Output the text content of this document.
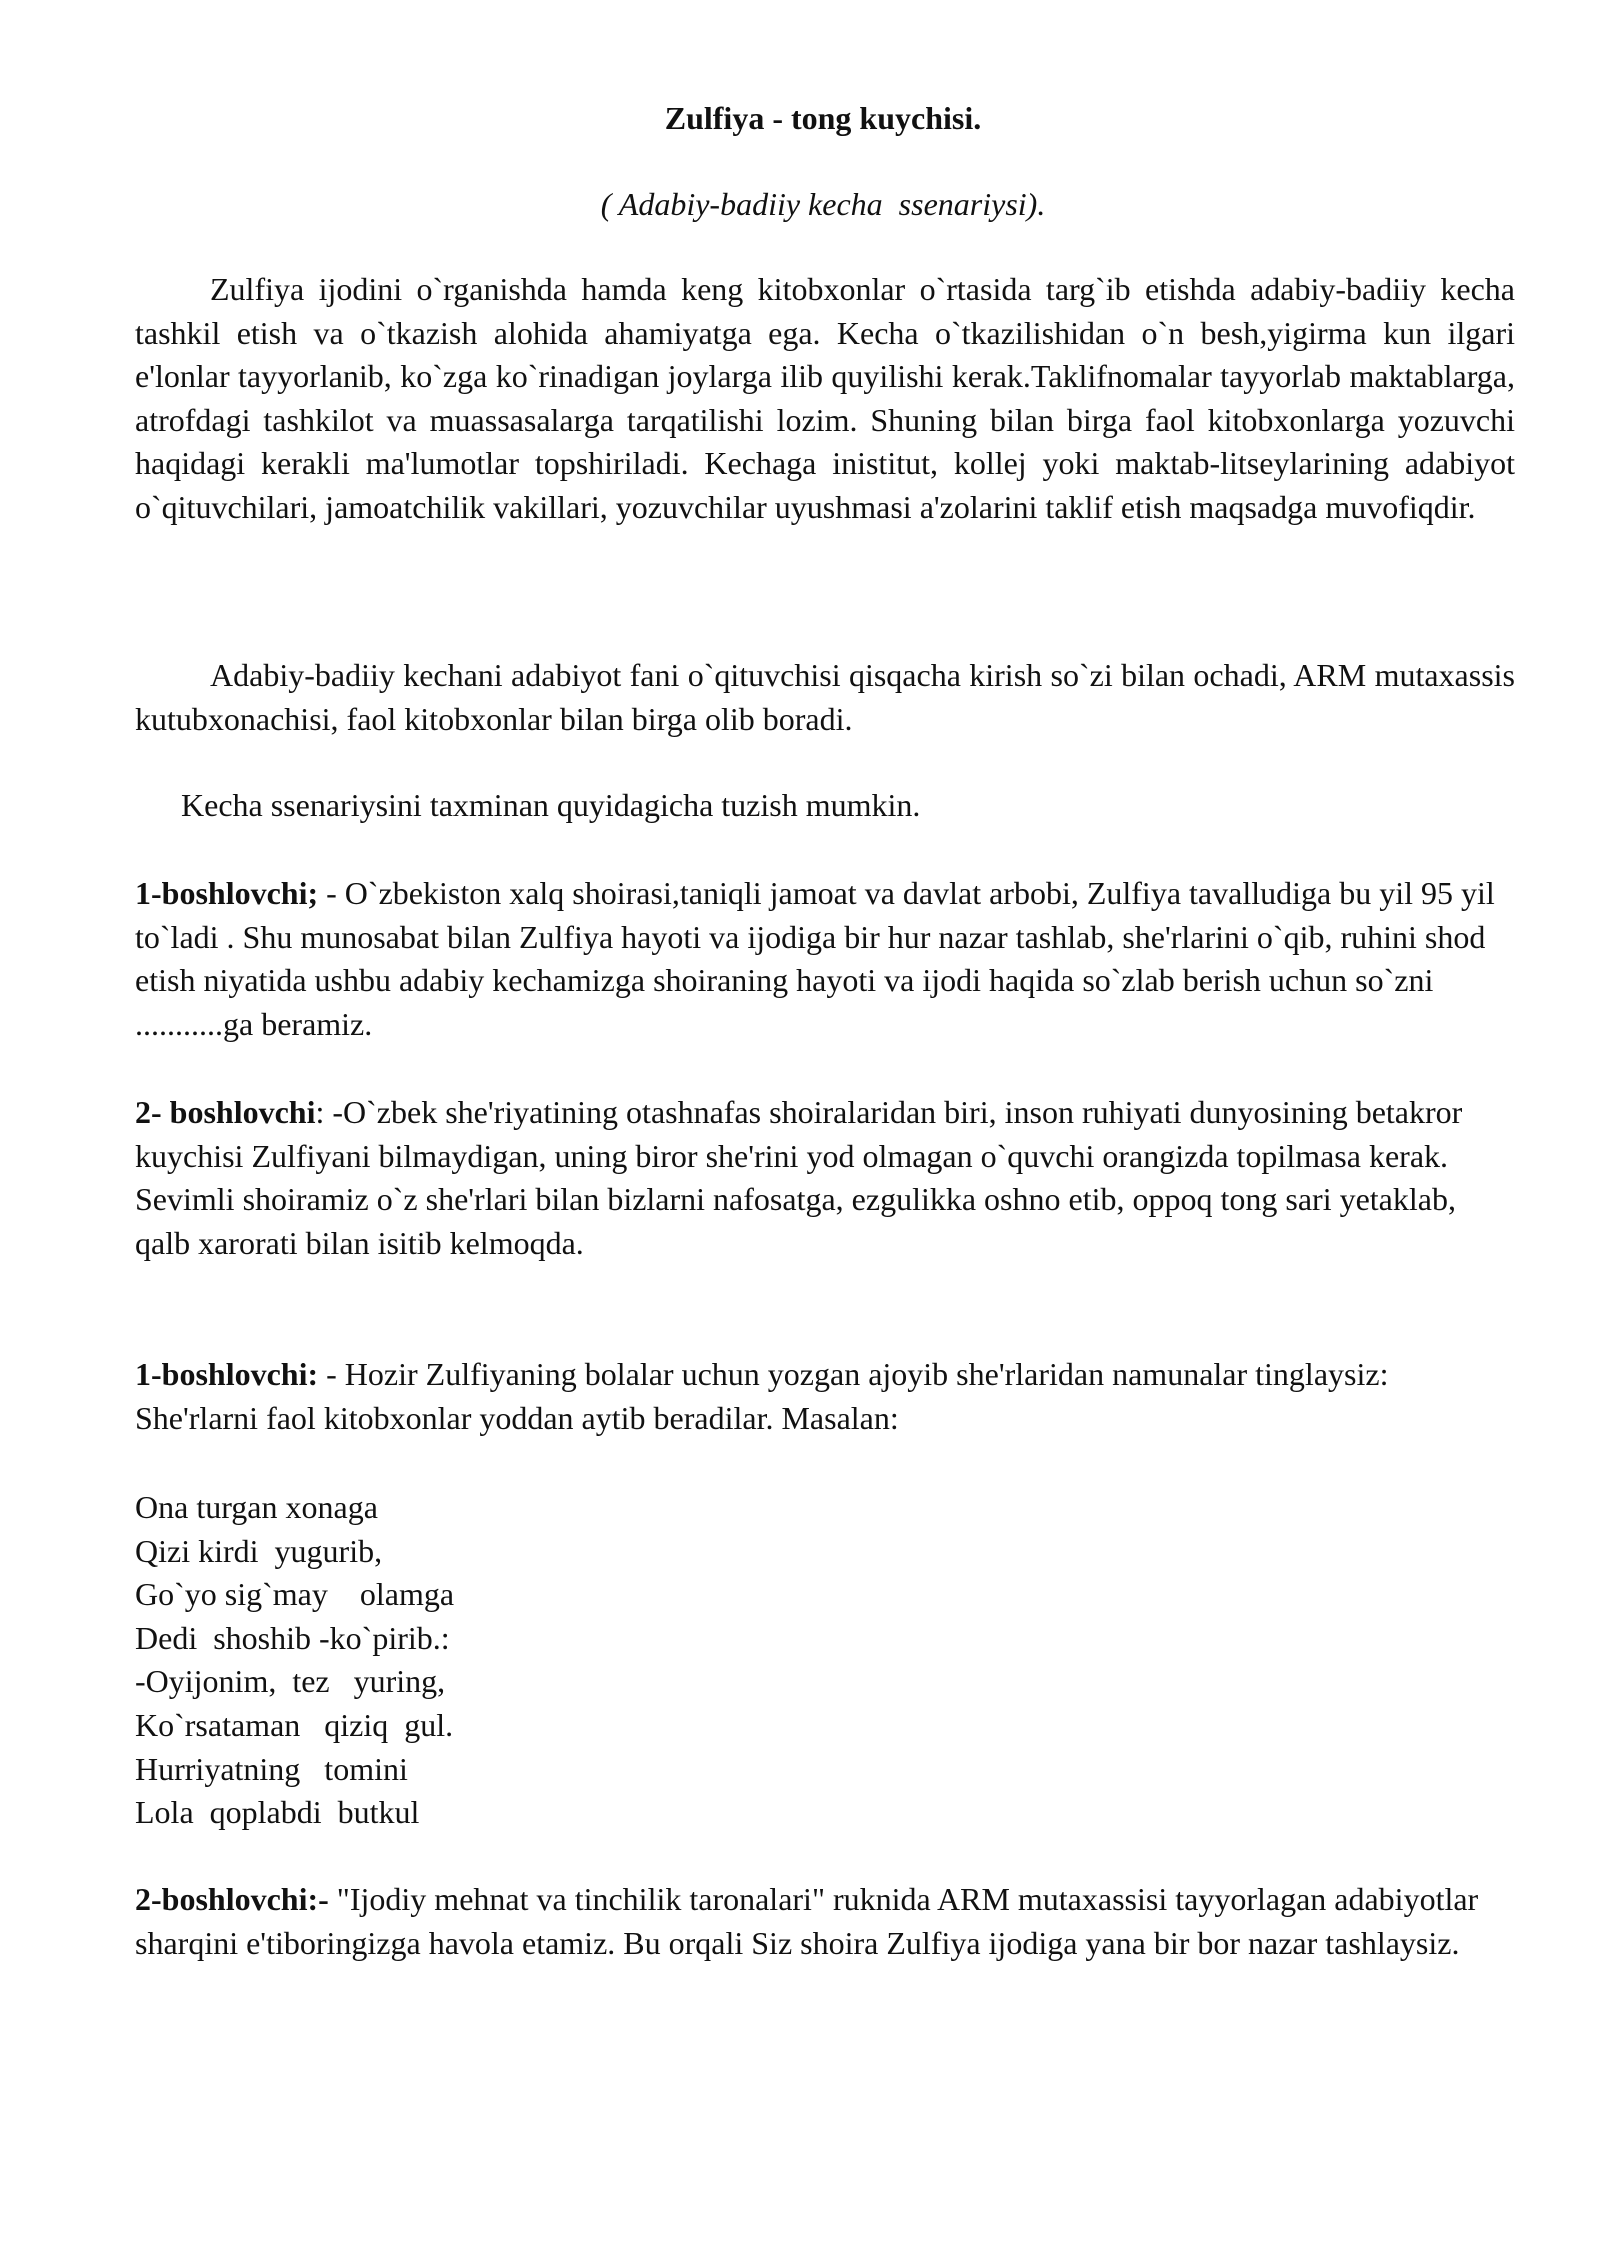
Zulfiya - tong kuychisi.

( Adabiy-badiiy kecha  ssenariysi).

Zulfiya ijodini o`rganishda hamda keng kitobxonlar o`rtasida targ`ib etishda adabiy-badiiy kecha tashkil etish va o`tkazish alohida ahamiyatga ega. Kecha o`tkazilishidan o`n besh,yigirma kun ilgari e'lonlar tayyorlanib, ko`zga ko`rinadigan joylarga ilib quyilishi kerak.Taklifnomalar tayyorlab maktablarga, atrofdagi tashkilot va muassasalarga tarqatilishi lozim. Shuning bilan birga faol kitobxonlarga yozuvchi haqidagi kerakli ma'lumotlar topshiriladi. Kechaga inistitut, kollej yoki maktab-litseylarining adabiyot o`qituvchilari, jamoatchilik vakillari, yozuvchilar uyushmasi a'zolarini taklif etish maqsadga muvofiqdir.

Adabiy-badiiy kechani adabiyot fani o`qituvchisi qisqacha kirish so`zi bilan ochadi, ARM mutaxassis kutubxonachisi, faol kitobxonlar bilan birga olib boradi.

Kecha ssenariysini taxminan quyidagicha tuzish mumkin.

1-boshlovchi; - O`zbekiston xalq shoirasi,taniqli jamoat va davlat arbobi, Zulfiya tavalludiga bu yil 95 yil to`ladi . Shu munosabat bilan Zulfiya hayoti va ijodiga bir hur nazar tashlab, she'rlarini o`qib, ruhini shod etish niyatida ushbu adabiy kechamizga shoiraning hayoti va ijodi haqida so`zlab berish uchun so`zni ...........ga beramiz.

2- boshlovchi: -O`zbek she'riyatining otashnafas shoiralaridan biri, inson ruhiyati dunyosining betakror kuychisi Zulfiyani bilmaydigan, uning biror she'rini yod olmagan o`quvchi orangizda topilmasa kerak. Sevimli shoiramiz o`z she'rlari bilan bizlarni nafosatga, ezgulikka oshno etib, oppoq tong sari yetaklab, qalb xarorati bilan isitib kelmoqda.

1-boshlovchi: - Hozir Zulfiyaning bolalar uchun yozgan ajoyib she'rlaridan namunalar tinglaysiz: She'rlarni faol kitobxonlar yoddan aytib beradilar. Masalan:

Ona turgan xonaga
Qizi kirdi  yugurib,
Go`yo sig`may    olamga
Dedi  shoshib -ko`pirib.:
-Oyijonim,  tez   yuring,
Ko`rsataman   qiziq  gul.
Hurriyatning   tomini
Lola  qoplabdi  butkul

2-boshlovchi:- "Ijodiy mehnat va tinchilik taronalari" ruknida ARM mutaxassisi tayyorlagan adabiyotlar sharqini e'tiboringizga havola etamiz. Bu orqali Siz shoira Zulfiya ijodiga yana bir bor nazar tashlaysiz.
